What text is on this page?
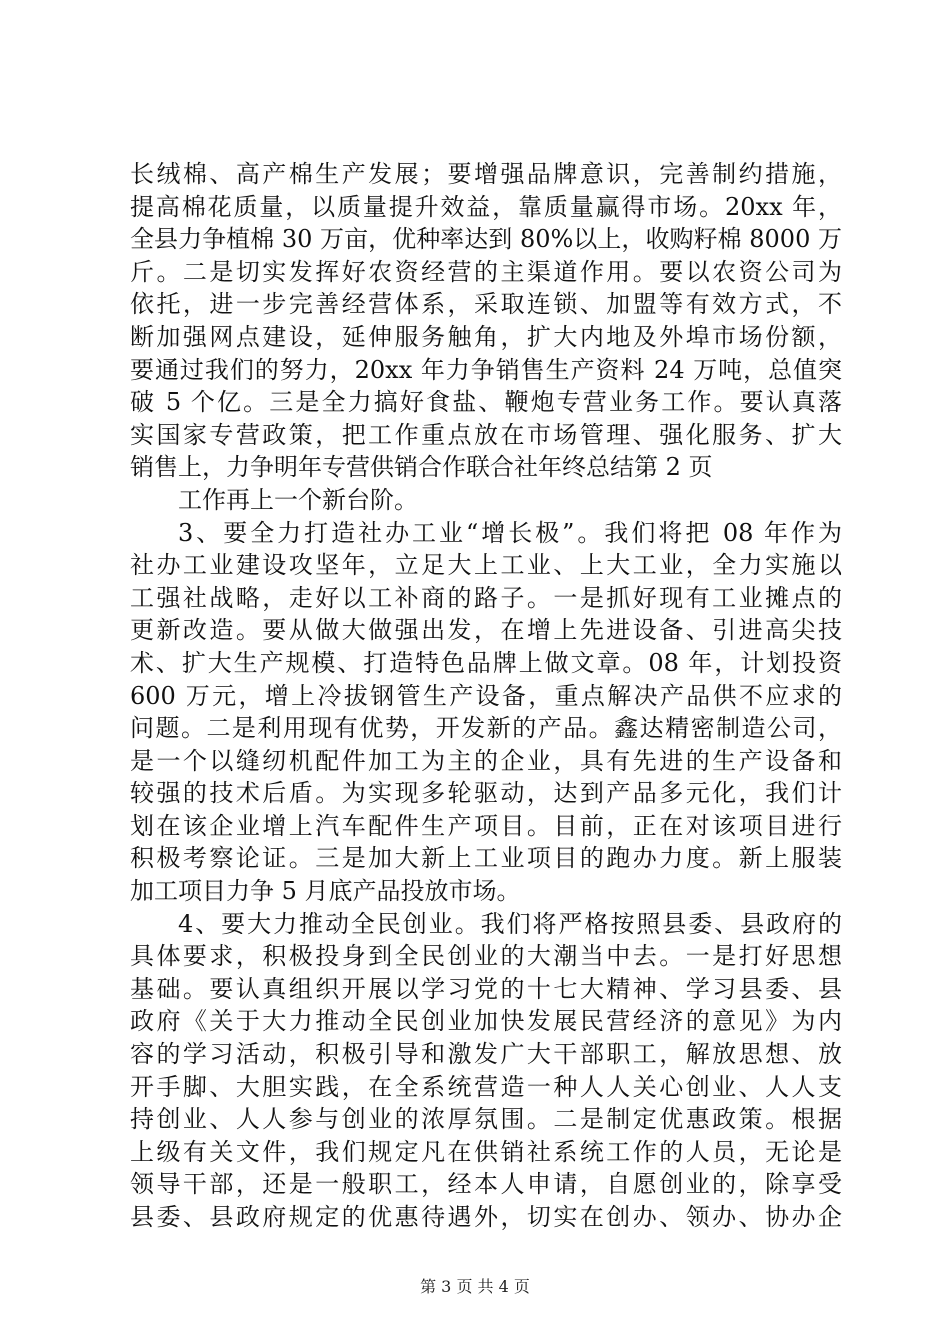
长绒棉、高产棉生产发展；要增强品牌意识，完善制约措施，
提高棉花质量，以质量提升效益，靠质量赢得市场。20xx 年，
全县力争植棉 30 万亩，优种率达到 80%以上，收购籽棉 8000 万
斤。二是切实发挥好农资经营的主渠道作用。要以农资公司为
依托，进一步完善经营体系，采取连锁、加盟等有效方式，不
断加强网点建设，延伸服务触角，扩大内地及外埠市场份额，
要通过我们的努力，20xx 年力争销售生产资料 24 万吨，总值突
破 5 个亿。三是全力搞好食盐、鞭炮专营业务工作。要认真落
实国家专营政策，把工作重点放在市场管理、强化服务、扩大
销售上，力争明年专营供销合作联合社年终总结第 2 页
工作再上一个新台阶。
3、要全力打造社办工业“增长极”。我们将把 08 年作为
社办工业建设攻坚年，立足大上工业、上大工业，全力实施以
工强社战略，走好以工补商的路子。一是抓好现有工业摊点的
更新改造。要从做大做强出发，在增上先进设备、引进高尖技
术、扩大生产规模、打造特色品牌上做文章。08 年，计划投资
600 万元，增上冷拔钢管生产设备，重点解决产品供不应求的
问题。二是利用现有优势，开发新的产品。鑫达精密制造公司，
是一个以缝纫机配件加工为主的企业，具有先进的生产设备和
较强的技术后盾。为实现多轮驱动，达到产品多元化，我们计
划在该企业增上汽车配件生产项目。目前，正在对该项目进行
积极考察论证。三是加大新上工业项目的跑办力度。新上服装
加工项目力争 5 月底产品投放市场。
4、要大力推动全民创业。我们将严格按照县委、县政府的
具体要求，积极投身到全民创业的大潮当中去。一是打好思想
基础。要认真组织开展以学习党的十七大精神、学习县委、县
政府《关于大力推动全民创业加快发展民营经济的意见》为内
容的学习活动，积极引导和激发广大干部职工，解放思想、放
开手脚、大胆实践，在全系统营造一种人人关心创业、人人支
持创业、人人参与创业的浓厚氛围。二是制定优惠政策。根据
上级有关文件，我们规定凡在供销社系统工作的人员，无论是
领导干部，还是一般职工，经本人申请，自愿创业的，除享受
县委、县政府规定的优惠待遇外，切实在创办、领办、协办企
第 3 页 共 4 页
